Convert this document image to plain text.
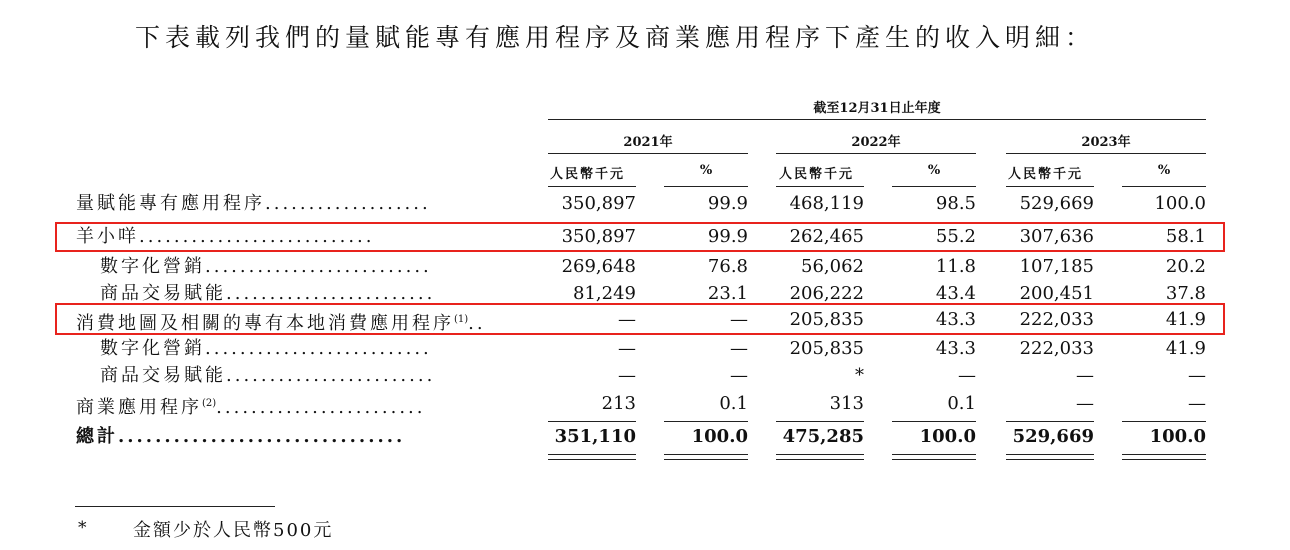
下表載列我們的量賦能專有應用程序及商業應用程序下產生的收入明細：
截至12月31日止年度
2021年	2022年	2023年
人民幣千元	%	人民幣千元	%	人民幣千元	%
量賦能專有應用程序...................	350,897	99.9	468,119	98.5	529,669	100.0
羊小咩...........................	350,897	99.9	262,465	55.2	307,636	58.1
數字化營銷..........................	269,648	76.8	56,062	11.8	107,185	20.2
商品交易賦能........................	81,249	23.1	206,222	43.4	200,451	37.8
消費地圖及相關的專有本地消費應用程序$^{(1)}$..	—	—	205,835	43.3	222,033	41.9
數字化營銷..........................	—	—	205,835	43.3	222,033	41.9
商品交易賦能........................	—	—	*	—	—	—
商業應用程序$^{(2)}$........................	213	0.1	313	0.1	—	—
總計...............................	351,110	100.0	475,285	100.0	529,669	100.0
*	金額少於人民幣500元
